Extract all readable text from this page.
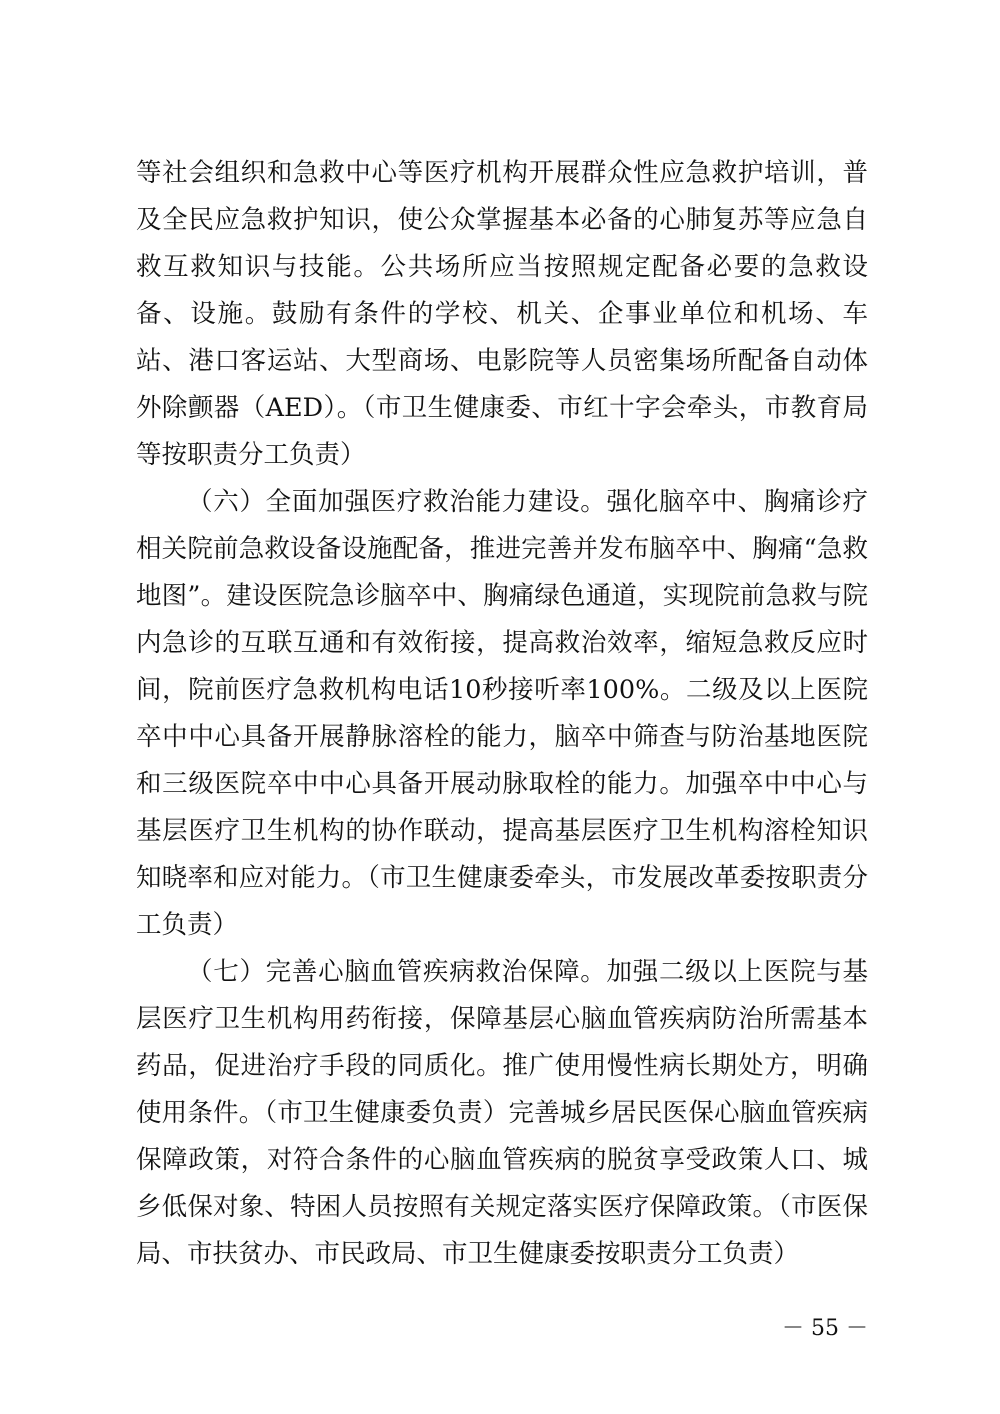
等社会组织和急救中心等医疗机构开展群众性应急救护培训，普及全民应急救护知识，使公众掌握基本必备的心肺复苏等应急自救互救知识与技能。公共场所应当按照规定配备必要的急救设备、设施。鼓励有条件的学校、机关、企事业单位和机场、车站、港口客运站、大型商场、电影院等人员密集场所配备自动体外除颤器（AED）。（市卫生健康委、市红十字会牵头，市教育局等按职责分工负责）

（六）全面加强医疗救治能力建设。强化脑卒中、胸痛诊疗相关院前急救设备设施配备，推进完善并发布脑卒中、胸痛“急救地图”。建设医院急诊脑卒中、胸痛绿色通道，实现院前急救与院内急诊的互联互通和有效衔接，提高救治效率，缩短急救反应时间，院前医疗急救机构电话10秒接听率100%。二级及以上医院卒中中心具备开展静脉溶栓的能力，脑卒中筛查与防治基地医院和三级医院卒中中心具备开展动脉取栓的能力。加强卒中中心与基层医疗卫生机构的协作联动，提高基层医疗卫生机构溶栓知识知晓率和应对能力。（市卫生健康委牵头，市发展改革委按职责分工负责）

（七）完善心脑血管疾病救治保障。加强二级以上医院与基层医疗卫生机构用药衔接，保障基层心脑血管疾病防治所需基本药品，促进治疗手段的同质化。推广使用慢性病长期处方，明确使用条件。（市卫生健康委负责）完善城乡居民医保心脑血管疾病保障政策，对符合条件的心脑血管疾病的脱贫享受政策人口、城乡低保对象、特困人员按照有关规定落实医疗保障政策。（市医保局、市扶贫办、市民政局、市卫生健康委按职责分工负责）

－ 55 －
